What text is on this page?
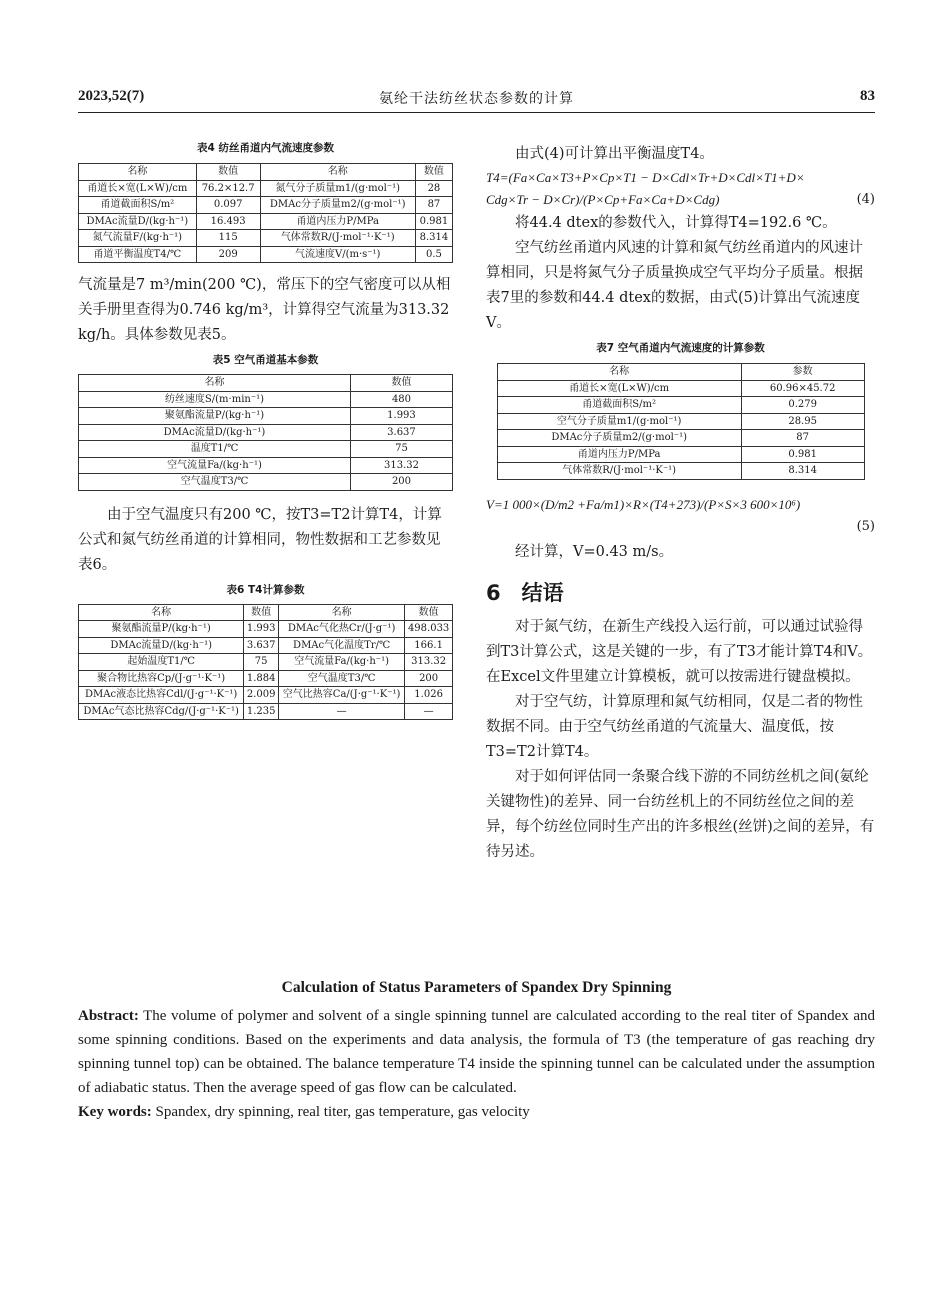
2023,52(7)	氨纶干法纺丝状态参数的计算	83
表4 纺丝甬道内气流速度参数
名称	数值	名称	数值
甬道长×宽(L×W)/cm	76.2×12.7	氮气分子质量m1/(g·mol⁻¹)	28
甬道截面积S/m²	0.097	DMAc分子质量m2/(g·mol⁻¹)	87
DMAc流量D/(kg·h⁻¹)	16.493	甬道内压力P/MPa	0.981
氮气流量F/(kg·h⁻¹)	115	气体常数R/(J·mol⁻¹·K⁻¹)	8.314
甬道平衡温度T4/℃	209	气流速度V/(m·s⁻¹)	0.5

气流量是7 m³/min(200 ℃)，常压下的空气密度可以从相关手册里查得为0.746 kg/m³，计算得空气流量为313.32 kg/h。具体参数见表5。

表5 空气甬道基本参数
名称	数值
纺丝速度S/(m·min⁻¹)	480
聚氨酯流量P/(kg·h⁻¹)	1.993
DMAc流量D/(kg·h⁻¹)	3.637
温度T1/℃	75
空气流量Fa/(kg·h⁻¹)	313.32
空气温度T3/℃	200

由于空气温度只有200 ℃，按T3=T2计算T4，计算公式和氮气纺丝甬道的计算相同，物性数据和工艺参数见表6。

表6 T4计算参数
名称	数值	名称	数值
聚氨酯流量P/(kg·h⁻¹)	1.993	DMAc气化热Cr/(J·g⁻¹)	498.033
DMAc流量D/(kg·h⁻¹)	3.637	DMAc气化温度Tr/℃	166.1
起始温度T1/℃	75	空气流量Fa/(kg·h⁻¹)	313.32
聚合物比热容Cp/(J·g⁻¹·K⁻¹)	1.884	空气温度T3/℃	200
DMAc液态比热容Cdl/(J·g⁻¹·K⁻¹)	2.009	空气比热容Ca/(J·g⁻¹·K⁻¹)	1.026
DMAc气态比热容Cdg/(J·g⁻¹·K⁻¹)	1.235	—	—

由式(4)可计算出平衡温度T4。

T4=(Fa×Ca×T3+P×Cp×T1 − D×Cdl×Tr+D×Cdl×T1+D×

Cdg×Tr − D×Cr)/(P×Cp+Fa×Ca+D×Cdg)	(4)

将44.4 dtex的参数代入，计算得T4=192.6 ℃。

空气纺丝甬道内风速的计算和氮气纺丝甬道内的风速计算相同，只是将氮气分子质量换成空气平均分子质量。根据表7里的参数和44.4 dtex的数据，由式(5)计算出气流速度V。

表7 空气甬道内气流速度的计算参数
名称	参数
甬道长×宽(L×W)/cm	60.96×45.72
甬道截面积S/m²	0.279
空气分子质量m1/(g·mol⁻¹)	28.95
DMAc分子质量m2/(g·mol⁻¹)	87
甬道内压力P/MPa	0.981
气体常数R/(J·mol⁻¹·K⁻¹)	8.314

V=1 000×(D/m2 +Fa/m1)×R×(T4+273)/(P×S×3 600×10⁶)

(5)

经计算，V=0.43 m/s。

6　结语

对于氮气纺，在新生产线投入运行前，可以通过试验得到T3计算公式，这是关键的一步，有了T3才能计算T4和V。在Excel文件里建立计算模板，就可以按需进行键盘模拟。

对于空气纺，计算原理和氮气纺相同，仅是二者的物性数据不同。由于空气纺丝甬道的气流量大、温度低，按T3=T2计算T4。

对于如何评估同一条聚合线下游的不同纺丝机之间(氨纶关键物性)的差异、同一台纺丝机上的不同纺丝位之间的差异，每个纺丝位同时生产出的许多根丝(丝饼)之间的差异，有待另述。

Calculation of Status Parameters of Spandex Dry Spinning
Abstract: The volume of polymer and solvent of a single spinning tunnel are calculated according to the real titer of Spandex and some spinning conditions. Based on the experiments and data analysis, the formula of T3 (the temperature of gas reaching dry spinning tunnel top) can be obtained. The balance temperature T4 inside the spinning tunnel can be calculated under the assumption of adiabatic status. Then the average speed of gas flow can be calculated.
Key words: Spandex, dry spinning, real titer, gas temperature, gas velocity
